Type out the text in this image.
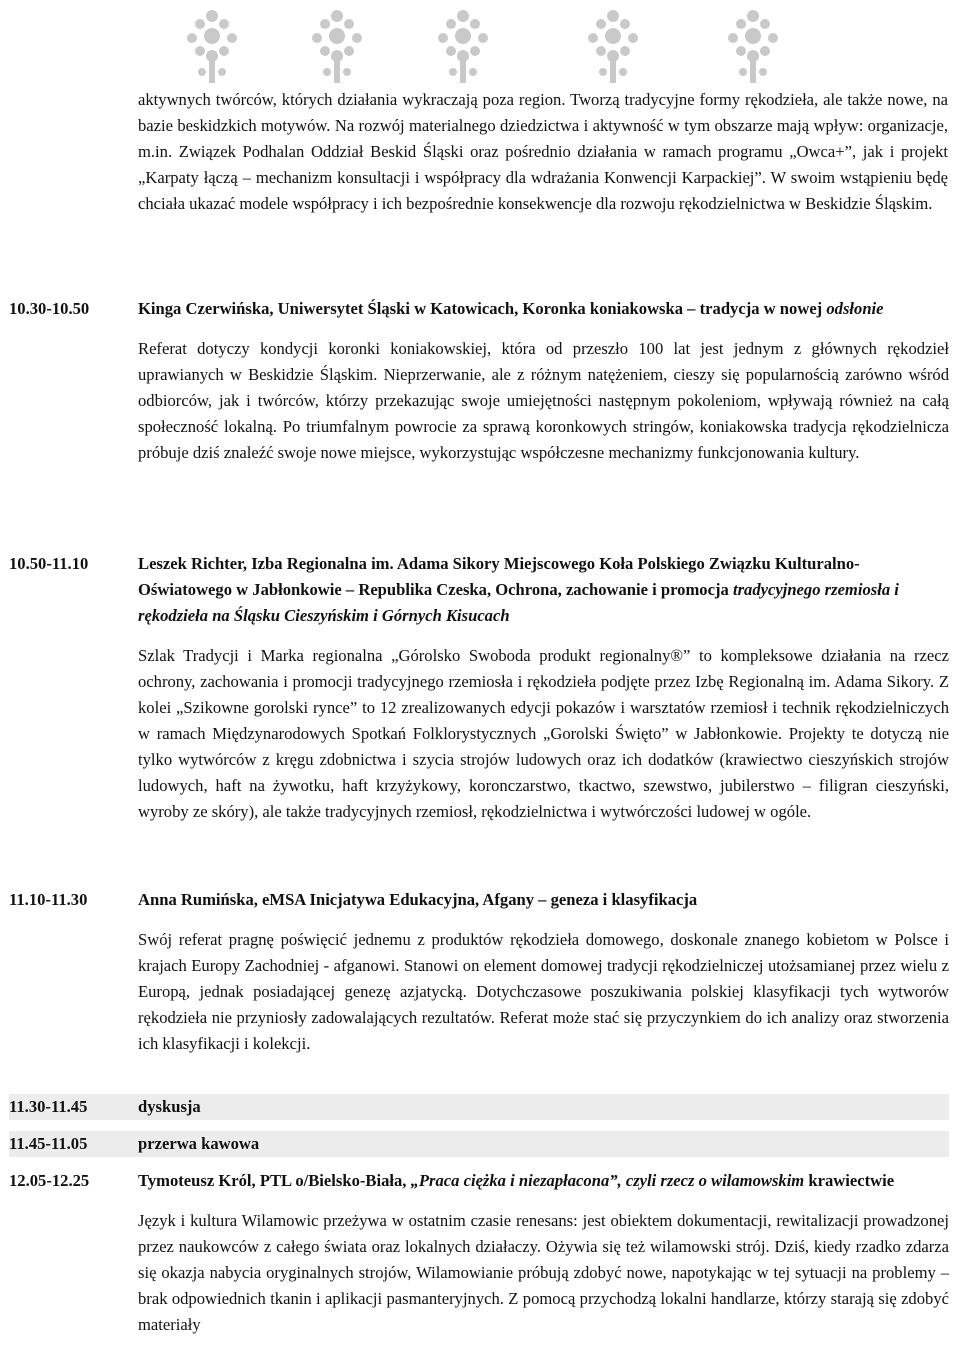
aktywnych twórców, których działania wykraczają poza region. Tworzą tradycyjne formy rękodzieła, ale także nowe, na bazie beskidzkich motywów. Na rozwój materialnego dziedzictwa i aktywność w tym obszarze mają wpływ: organizacje, m.in. Związek Podhalan Oddział Beskid Śląski oraz pośrednio działania w ramach programu „Owca+”, jak i projekt „Karpaty łączą – mechanizm konsultacji i współpracy dla wdrażania Konwencji Karpackiej”. W swoim wstąpieniu będę chciała ukazać modele współpracy i ich bezpośrednie konsekwencje dla rozwoju rękodzielnictwa w Beskidzie Śląskim.
10.30-10.50	Kinga Czerwińska, Uniwersytet Śląski w Katowicach, Koronka koniakowska – tradycja w nowej odsłonie
Referat dotyczy kondycji koronki koniakowskiej, która od przeszło 100 lat jest jednym z głównych rękodzieł uprawianych w Beskidzie Śląskim. Nieprzerwanie, ale z różnym natężeniem, cieszy się popularnością zarówno wśród odbiorców, jak i twórców, którzy przekazując swoje umiejętności następnym pokoleniom, wpływają również na całą społeczność lokalną. Po triumfalnym powrocie za sprawą koronkowych stringów, koniakowska tradycja rękodzielnicza próbuje dziś znaleźć swoje nowe miejsce, wykorzystując współczesne mechanizmy funkcjonowania kultury.
10.50-11.10	Leszek Richter, Izba Regionalna im. Adama Sikory Miejscowego Koła Polskiego Związku Kulturalno-Oświatowego w Jabłonkowie – Republika Czeska, Ochrona, zachowanie i promocja tradycyjnego rzemiosła i rękodzieła na Śląsku Cieszyńskim i Górnych Kisucach
Szlak Tradycji i Marka regionalna „Górolsko Swoboda produkt regionalny®” to kompleksowe działania na rzecz ochrony, zachowania i promocji tradycyjnego rzemiosła i rękodzieła podjęte przez Izbę Regionalną im. Adama Sikory. Z kolei „Szikowne gorolski rynce” to 12 zrealizowanych edycji pokazów i warsztatów rzemiosł i technik rękodzielniczych w ramach Międzynarodowych Spotkań Folklorystycznych „Gorolski Święto” w Jabłonkowie. Projekty te dotyczą nie tylko wytwórców z kręgu zdobnictwa i szycia strojów ludowych oraz ich dodatków (krawiectwo cieszyńskich strojów ludowych, haft na żywotku, haft krzyżykowy, koronczarstwo, tkactwo, szewstwo, jubilerstwo – filigran cieszyński, wyroby ze skóry), ale także tradycyjnych rzemiosł, rękodzielnictwa i wytwórczości ludowej w ogóle.
11.10-11.30	Anna Rumińska, eMSA Inicjatywa Edukacyjna, Afgany – geneza i klasyfikacja
Swój referat pragnę poświęcić jednemu z produktów rękodzieła domowego, doskonale znanego kobietom w Polsce i krajach Europy Zachodniej - afganowi. Stanowi on element domowej tradycji rękodzielniczej utożsamianej przez wielu z Europą, jednak posiadającej genezę azjatycką. Dotychczasowe poszukiwania polskiej klasyfikacji tych wytworów rękodzieła nie przyniosły zadowalających rezultatów. Referat może stać się przyczynkiem do ich analizy oraz stworzenia ich klasyfikacji i kolekcji.
11.30-11.45	dyskusja
11.45-11.05	przerwa kawowa
12.05-12.25	Tymoteusz Król, PTL o/Bielsko-Biała, „Praca ciężka i niezapłacona”, czyli rzecz o wilamowskim krawiectwie
Język i kultura Wilamowic przeżywa w ostatnim czasie renesans: jest obiektem dokumentacji, rewitalizacji prowadzonej przez naukowców z całego świata oraz lokalnych działaczy. Ożywia się też wilamowski strój. Dziś, kiedy rzadko zdarza się okazja nabycia oryginalnych strojów, Wilamowianie próbują zdobyć nowe, napotykając w tej sytuacji na problemy – brak odpowiednich tkanin i aplikacji pasmanteryjnych. Z pomocą przychodzą lokalni handlarze, którzy starają się zdobyć materiały
